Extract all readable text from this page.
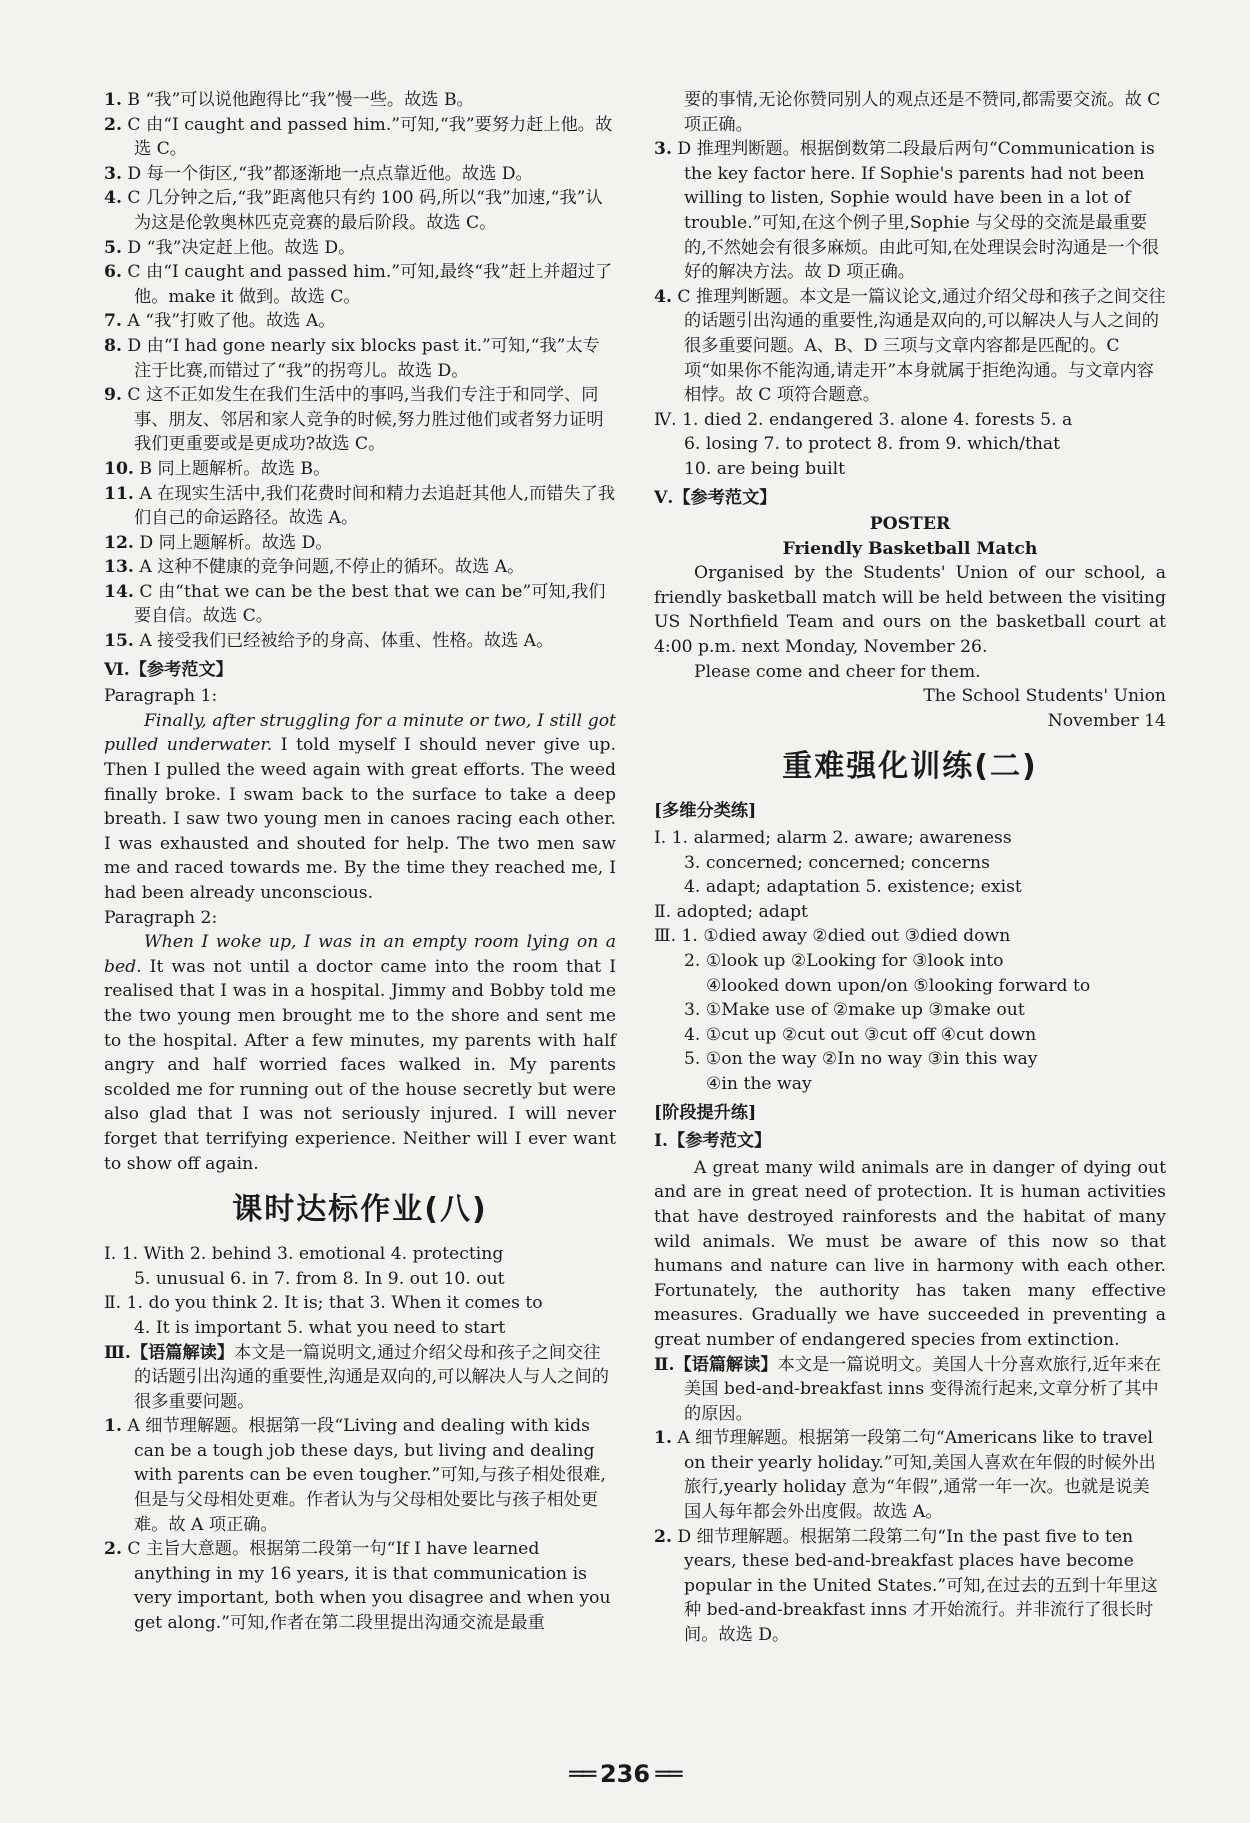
1. B “我”可以说他跑得比“我”慢一些。故选 B。

2. C 由“I caught and passed him.”可知,“我”要努力赶上他。故选 C。

3. D 每一个街区,“我”都逐渐地一点点靠近他。故选 D。

4. C 几分钟之后,“我”距离他只有约 100 码,所以“我”加速,“我”认为这是伦敦奥林匹克竞赛的最后阶段。故选 C。

5. D “我”决定赶上他。故选 D。

6. C 由“I caught and passed him.”可知,最终“我”赶上并超过了他。make it 做到。故选 C。

7. A “我”打败了他。故选 A。

8. D 由“I had gone nearly six blocks past it.”可知,“我”太专注于比赛,而错过了“我”的拐弯儿。故选 D。

9. C 这不正如发生在我们生活中的事吗,当我们专注于和同学、同事、朋友、邻居和家人竞争的时候,努力胜过他们或者努力证明我们更重要或是更成功?故选 C。

10. B 同上题解析。故选 B。

11. A 在现实生活中,我们花费时间和精力去追赶其他人,而错失了我们自己的命运路径。故选 A。

12. D 同上题解析。故选 D。

13. A 这种不健康的竞争问题,不停止的循环。故选 A。

14. C 由“that we can be the best that we can be”可知,我们要自信。故选 C。

15. A 接受我们已经被给予的身高、体重、性格。故选 A。

Ⅵ.【参考范文】

Paragraph 1:

Finally, after struggling for a minute or two, I still got pulled underwater. I told myself I should never give up. Then I pulled the weed again with great efforts. The weed finally broke. I swam back to the surface to take a deep breath. I saw two young men in canoes racing each other. I was exhausted and shouted for help. The two men saw me and raced towards me. By the time they reached me, I had been already unconscious.

Paragraph 2:

When I woke up, I was in an empty room lying on a bed. It was not until a doctor came into the room that I realised that I was in a hospital. Jimmy and Bobby told me the two young men brought me to the shore and sent me to the hospital. After a few minutes, my parents with half angry and half worried faces walked in. My parents scolded me for running out of the house secretly but were also glad that I was not seriously injured. I will never forget that terrifying experience. Neither will I ever want to show off again.

课时达标作业(八)

Ⅰ. 1. With 2. behind 3. emotional 4. protecting

5. unusual 6. in 7. from 8. In 9. out 10. out

Ⅱ. 1. do you think 2. It is; that 3. When it comes to

4. It is important 5. what you need to start

Ⅲ.【语篇解读】本文是一篇说明文,通过介绍父母和孩子之间交往的话题引出沟通的重要性,沟通是双向的,可以解决人与人之间的很多重要问题。

1. A 细节理解题。根据第一段“Living and dealing with kids can be a tough job these days, but living and dealing with parents can be even tougher.”可知,与孩子相处很难,但是与父母相处更难。作者认为与父母相处要比与孩子相处更难。故 A 项正确。

2. C 主旨大意题。根据第二段第一句“If I have learned anything in my 16 years, it is that communication is very important, both when you disagree and when you get along.”可知,作者在第二段里提出沟通交流是最重

要的事情,无论你赞同别人的观点还是不赞同,都需要交流。故 C 项正确。

3. D 推理判断题。根据倒数第二段最后两句“Communication is the key factor here. If Sophie's parents had not been willing to listen, Sophie would have been in a lot of trouble.”可知,在这个例子里,Sophie 与父母的交流是最重要的,不然她会有很多麻烦。由此可知,在处理误会时沟通是一个很好的解决方法。故 D 项正确。

4. C 推理判断题。本文是一篇议论文,通过介绍父母和孩子之间交往的话题引出沟通的重要性,沟通是双向的,可以解决人与人之间的很多重要问题。A、B、D 三项与文章内容都是匹配的。C 项“如果你不能沟通,请走开”本身就属于拒绝沟通。与文章内容相悖。故 C 项符合题意。

Ⅳ. 1. died 2. endangered 3. alone 4. forests 5. a

6. losing 7. to protect 8. from 9. which/that

10. are being built

Ⅴ.【参考范文】

POSTER

Friendly Basketball Match

Organised by the Students' Union of our school, a friendly basketball match will be held between the visiting US Northfield Team and ours on the basketball court at 4:00 p.m. next Monday, November 26.

Please come and cheer for them.

The School Students' Union

November 14

重难强化训练(二)

[多维分类练]

Ⅰ. 1. alarmed; alarm 2. aware; awareness

3. concerned; concerned; concerns

4. adapt; adaptation 5. existence; exist

Ⅱ. adopted; adapt

Ⅲ. 1. ①died away ②died out ③died down

2. ①look up ②Looking for ③look into

④looked down upon/on ⑤looking forward to

3. ①Make use of ②make up ③make out

4. ①cut up ②cut out ③cut off ④cut down

5. ①on the way ②In no way ③in this way

④in the way

[阶段提升练]

Ⅰ.【参考范文】

A great many wild animals are in danger of dying out and are in great need of protection. It is human activities that have destroyed rainforests and the habitat of many wild animals. We must be aware of this now so that humans and nature can live in harmony with each other. Fortunately, the authority has taken many effective measures. Gradually we have succeeded in preventing a great number of endangered species from extinction.

Ⅱ.【语篇解读】本文是一篇说明文。美国人十分喜欢旅行,近年来在美国 bed-and-breakfast inns 变得流行起来,文章分析了其中的原因。

1. A 细节理解题。根据第一段第二句“Americans like to travel on their yearly holiday.”可知,美国人喜欢在年假的时候外出旅行,yearly holiday 意为“年假”,通常一年一次。也就是说美国人每年都会外出度假。故选 A。

2. D 细节理解题。根据第二段第二句“In the past five to ten years, these bed-and-breakfast places have become popular in the United States.”可知,在过去的五到十年里这种 bed-and-breakfast inns 才开始流行。并非流行了很长时间。故选 D。

══ 236 ══
